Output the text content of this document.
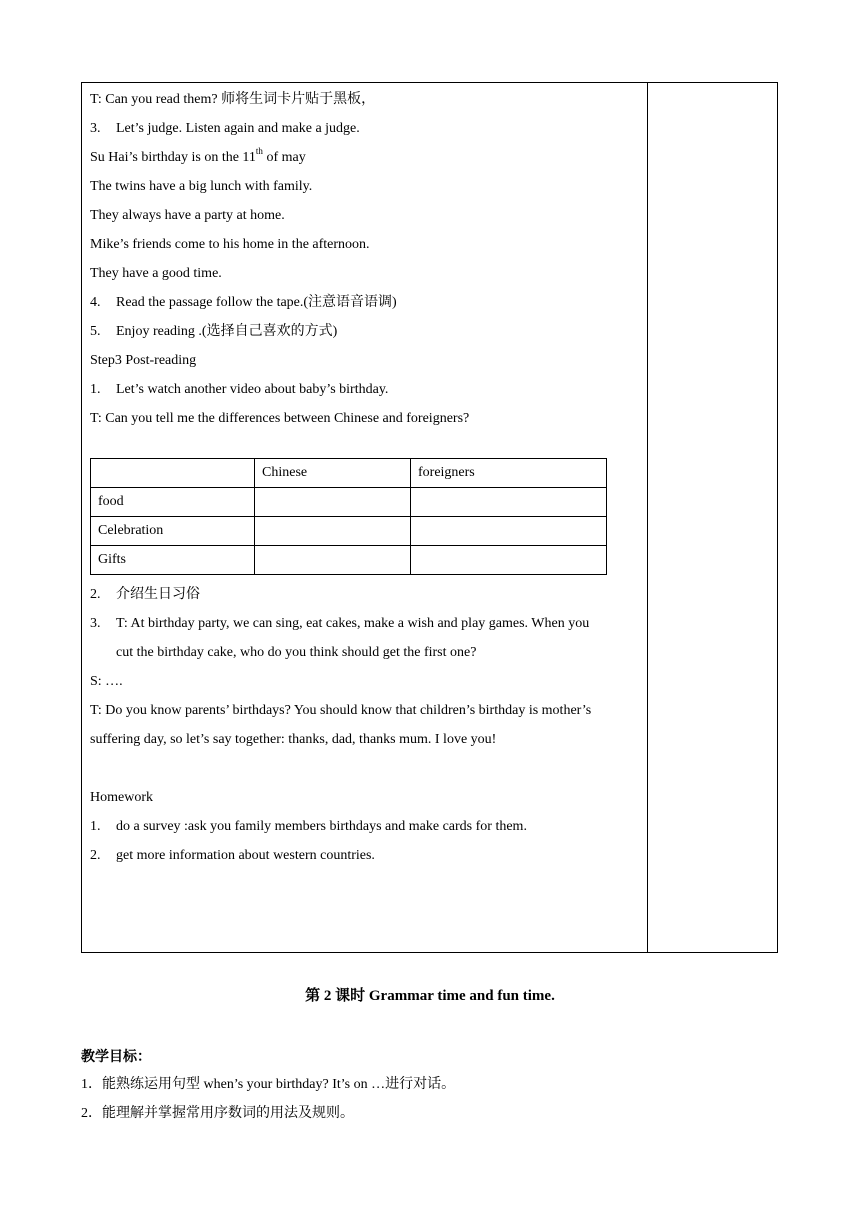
T: Can you read them? 师将生词卡片贴于黑板，
3. Let’s judge. Listen again and make a judge.
Su Hai’s birthday is on the 11th of may
The twins have a big lunch with family.
They always have a party at home.
Mike’s friends come to his home in the afternoon.
They have a good time.
4. Read the passage follow the tape.(注意语音语调)
5. Enjoy reading .(选择自己喜欢的方式)
Step3 Post-reading
1. Let’s watch another video about baby’s birthday.
T: Can you tell me the differences between Chinese and foreigners?
	Chinese	foreigners
food		
Celebration		
Gifts		
2. 介绍生日习俗
3. T: At birthday party, we can sing, eat cakes, make a wish and play games. When you
cut the birthday cake, who do you think should get the first one?
S: ….
T: Do you know parents’ birthdays? You should know that children’s birthday is mother’s
suffering day, so let’s say together: thanks, dad, thanks mum. I love you!
Homework
1. do a survey :ask you family members birthdays and make cards for them.
2. get more information about western countries.
第 2 课时 Grammar time and fun time.
教学目标：
1．能熟练运用句型 when’s your birthday? It’s on …进行对话。
2．能理解并掌握常用序数词的用法及规则。
